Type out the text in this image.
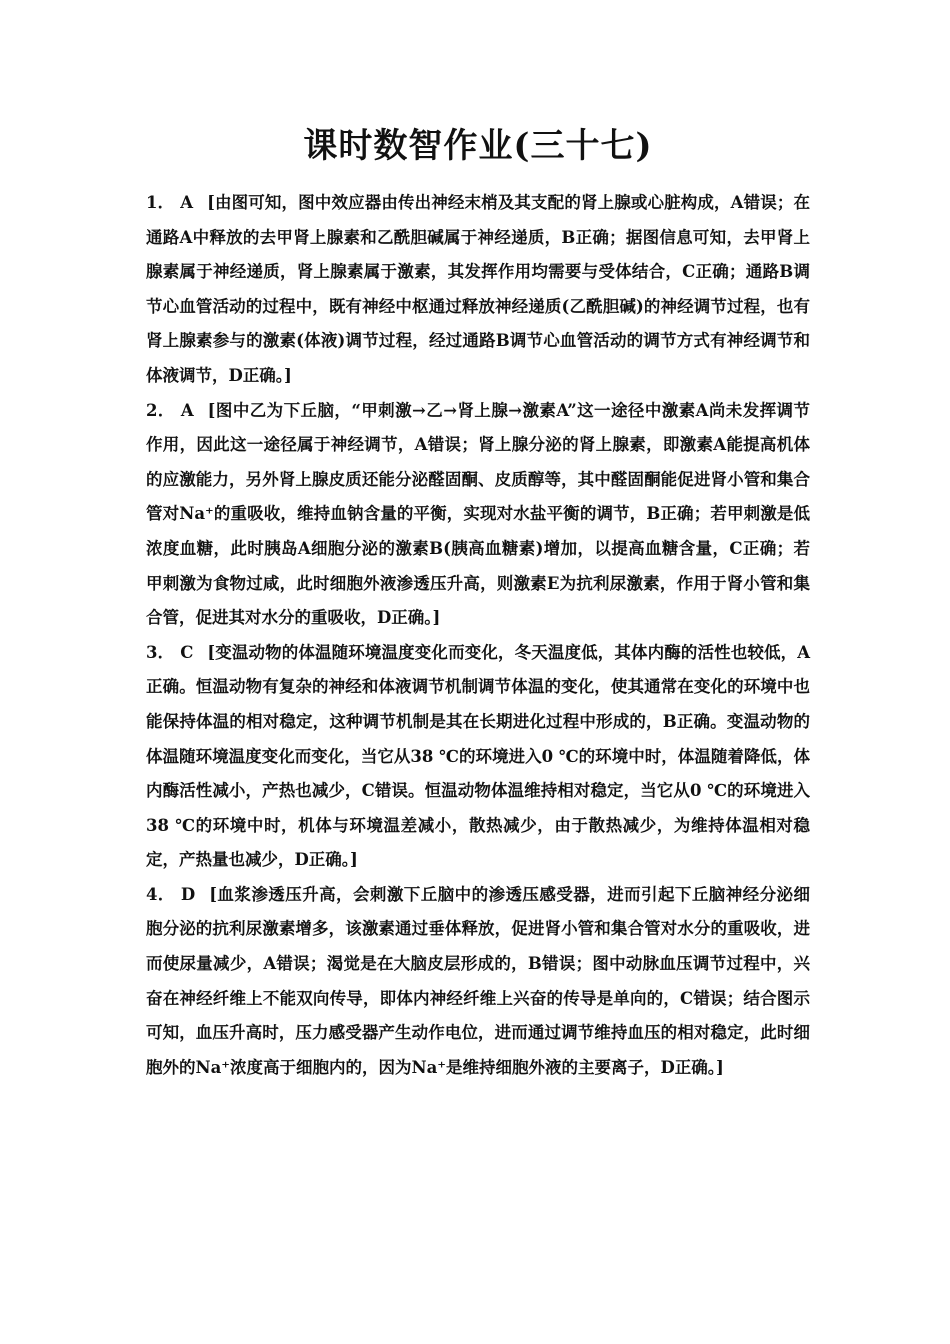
课时数智作业(三十七)

1． A [由图可知，图中效应器由传出神经末梢及其支配的肾上腺或心脏构成，A错误；在通路A中释放的去甲肾上腺素和乙酰胆碱属于神经递质，B正确；据图信息可知，去甲肾上腺素属于神经递质，肾上腺素属于激素，其发挥作用均需要与受体结合，C正确；通路B调节心血管活动的过程中，既有神经中枢通过释放神经递质(乙酰胆碱)的神经调节过程，也有肾上腺素参与的激素(体液)调节过程，经过通路B调节心血管活动的调节方式有神经调节和体液调节，D正确。]

2． A [图中乙为下丘脑，“甲刺激→乙→肾上腺→激素A”这一途径中激素A尚未发挥调节作用，因此这一途径属于神经调节，A错误；肾上腺分泌的肾上腺素，即激素A能提高机体的应激能力，另外肾上腺皮质还能分泌醛固酮、皮质醇等，其中醛固酮能促进肾小管和集合管对Na⁺的重吸收，维持血钠含量的平衡，实现对水盐平衡的调节，B正确；若甲刺激是低浓度血糖，此时胰岛A细胞分泌的激素B(胰高血糖素)增加，以提高血糖含量，C正确；若甲刺激为食物过咸，此时细胞外液渗透压升高，则激素E为抗利尿激素，作用于肾小管和集合管，促进其对水分的重吸收，D正确。]

3． C [变温动物的体温随环境温度变化而变化，冬天温度低，其体内酶的活性也较低，A正确。恒温动物有复杂的神经和体液调节机制调节体温的变化，使其通常在变化的环境中也能保持体温的相对稳定，这种调节机制是其在长期进化过程中形成的，B正确。变温动物的体温随环境温度变化而变化，当它从38 ℃的环境进入0 ℃的环境中时，体温随着降低，体内酶活性减小，产热也减少，C错误。恒温动物体温维持相对稳定，当它从0 ℃的环境进入38 ℃的环境中时，机体与环境温差减小，散热减少，由于散热减少，为维持体温相对稳定，产热量也减少，D正确。]

4． D [血浆渗透压升高，会刺激下丘脑中的渗透压感受器，进而引起下丘脑神经分泌细胞分泌的抗利尿激素增多，该激素通过垂体释放，促进肾小管和集合管对水分的重吸收，进而使尿量减少，A错误；渴觉是在大脑皮层形成的，B错误；图中动脉血压调节过程中，兴奋在神经纤维上不能双向传导，即体内神经纤维上兴奋的传导是单向的，C错误；结合图示可知，血压升高时，压力感受器产生动作电位，进而通过调节维持血压的相对稳定，此时细胞外的Na⁺浓度高于细胞内的，因为Na⁺是维持细胞外液的主要离子，D正确。]
